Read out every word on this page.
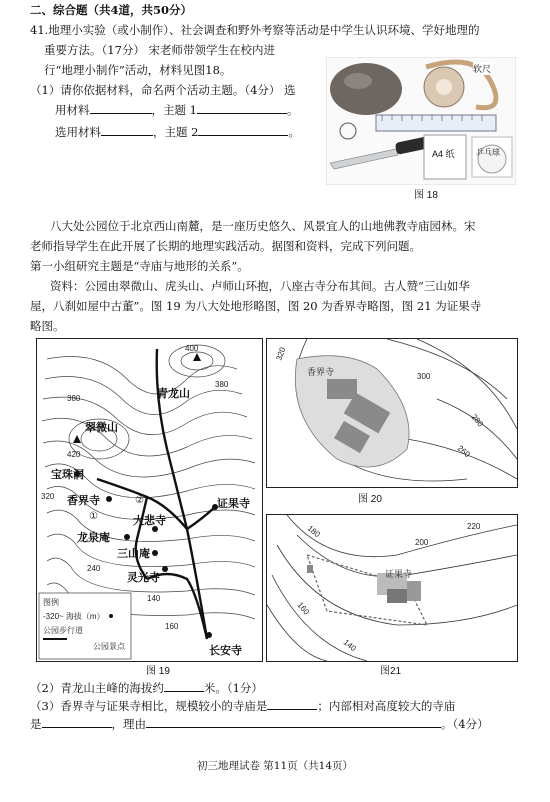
二、综合题（共4道，共50分）
41.地理小实验（或小制作）、社会调查和野外考察等活动是中学生认识环境、学好地理的
重要方法。（17分） 宋老师带领学生在校内进
行“地理小制作”活动，材料见图18。
（1）请你依据材料，命名两个活动主题。（4分） 选
用材料	，主题 1	。
选用材料	，主题 2	。
软尺
A4 纸	乒乓球
图 18
八大处公园位于北京西山南麓，是一座历史悠久、风景宜人的山地佛教寺庙园林。宋
老师指导学生在此开展了长期的地理实践活动。据图和资料，完成下列问题。
第一小组研究主题是“寺庙与地形的关系”。
资料：公园由翠微山、虎头山、卢师山环抱，八座古寺分布其间。古人赞“三山如华
屋，八刹如屋中古董”。图 19 为八大处地形略图，图 20 为香界寺略图，图 21 为证果寺
略图。
青龙山
翠微山
宝珠洞
香界寺
龙泉庵
大悲寺
三山庵
灵光寺
证果寺
长安寺
400
380
380
420
320
240
140
160
②
①
图例
-320~ 海拔（m）
公园步行道
公园景点
图 19
香界寺
320
300
280
260
图 20
证果寺
180
200
220
160
140
图21
（2）青龙山主峰的海拔约	米。（1分）
（3）香界寺与证果寺相比，规模较小的寺庙是	；内部相对高度较大的寺庙
是	，理由	。（4分）
初三地理试卷 第11页（共14页）
